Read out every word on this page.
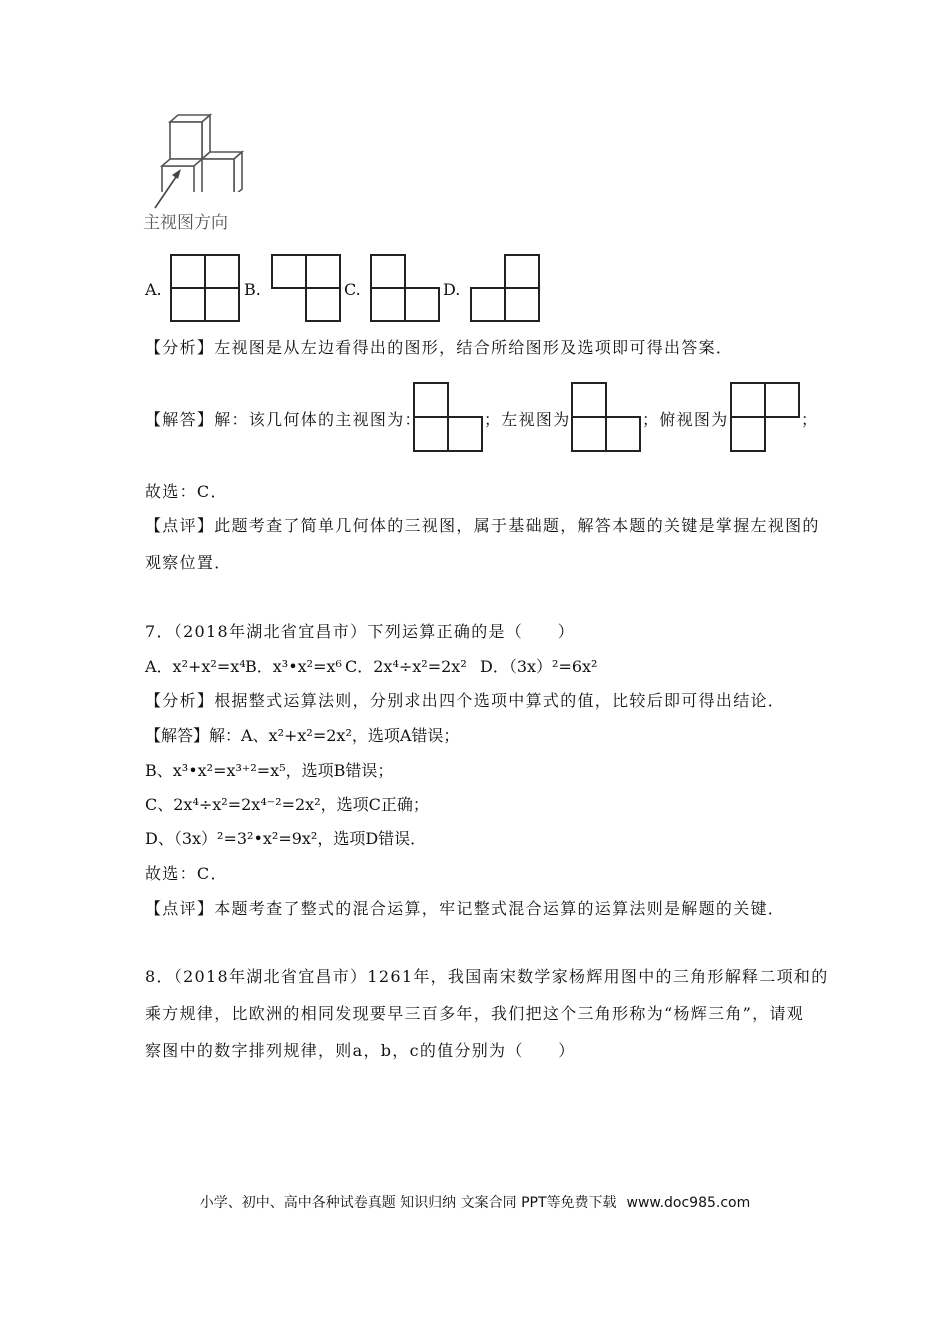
主视图方向
A.	B.	C.	D.
【分析】左视图是从左边看得出的图形，结合所给图形及选项即可得出答案．
【解答】解：该几何体的主视图为：	；左视图为	；俯视图为	；
故选：C．
【点评】此题考查了简单几何体的三视图，属于基础题，解答本题的关键是掌握左视图的
观察位置．
7．（2018年湖北省宜昌市）下列运算正确的是（　　）
A．x²+x²=x⁴ B．x³•x²=x⁶ C．2x⁴÷x²=2x² D．（3x）²=6x²
【分析】根据整式运算法则，分别求出四个选项中算式的值，比较后即可得出结论．
【解答】解：A、x²+x²=2x²，选项A错误；
B、x³•x²=x³⁺²=x⁵，选项B错误；
C、2x⁴÷x²=2x⁴⁻²=2x²，选项C正确；
D、（3x）²=3²•x²=9x²，选项D错误．
故选：C．
【点评】本题考查了整式的混合运算，牢记整式混合运算的运算法则是解题的关键．
8．（2018年湖北省宜昌市）1261年，我国南宋数学家杨辉用图中的三角形解释二项和的
乘方规律，比欧洲的相同发现要早三百多年，我们把这个三角形称为“杨辉三角”，请观
察图中的数字排列规律，则a，b，c的值分别为（　　）
小学、初中、高中各种试卷真题 知识归纳 文案合同 PPT等免费下载 www.doc985.com
